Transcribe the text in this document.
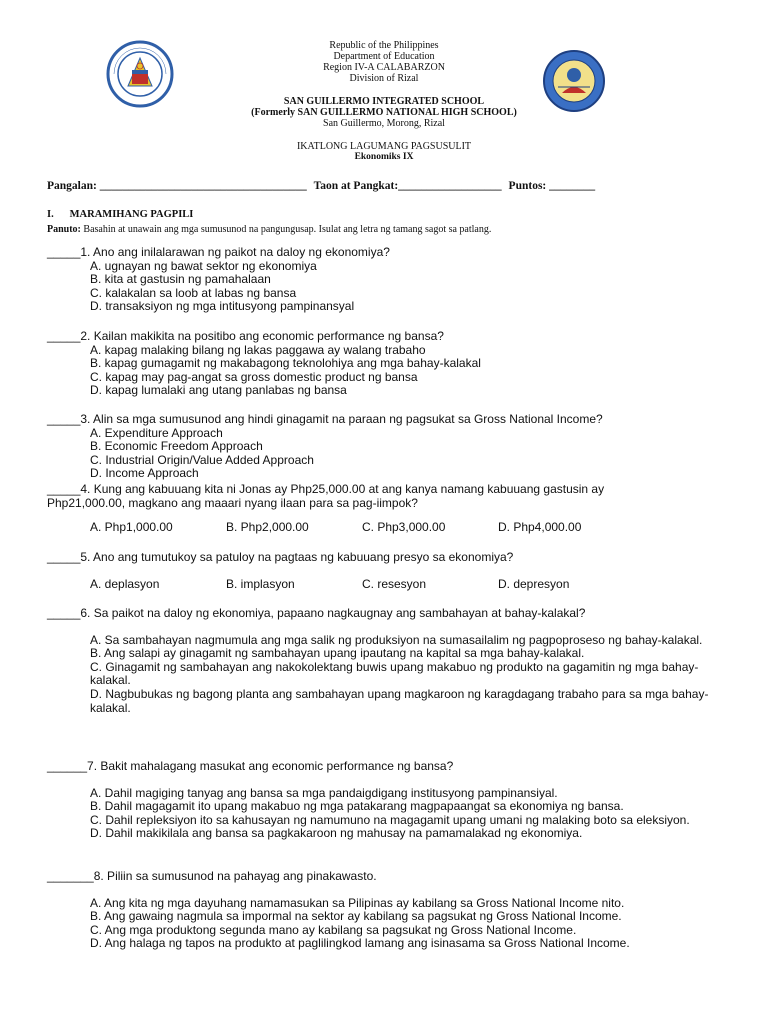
Republic of the Philippines
Department of Education
Region IV-A CALABARZON
Division of Rizal
SAN GUILLERMO INTEGRATED SCHOOL
(Formerly SAN GUILLERMO NATIONAL HIGH SCHOOL)
San Guillermo, Morong, Rizal
IKATLONG LAGUMANG PAGSUSULIT
Ekonomiks IX
Pangalan: ____________________________________ Taon at Pangkat:__________________ Puntos: ________
I. MARAMIHANG PAGPILI
Panuto: Basahin at unawain ang mga sumusunod na pangungusap. Isulat ang letra ng tamang sagot sa patlang.
_____1. Ano ang inilalarawan ng paikot na daloy ng ekonomiya?
A. ugnayan ng bawat sektor ng ekonomiya
B. kita at gastusin ng pamahalaan
C. kalakalan sa loob at labas ng bansa
D. transaksiyon ng mga intitusyong pampinansyal
_____2. Kailan makikita na positibo ang economic performance ng bansa?
A. kapag malaking bilang ng lakas paggawa ay walang trabaho
B. kapag gumagamit ng makabagong teknolohiya ang mga bahay-kalakal
C. kapag may pag-angat sa gross domestic product ng bansa
D. kapag lumalaki ang utang panlabas ng bansa
_____3. Alin sa mga sumusunod ang hindi ginagamit na paraan ng pagsukat sa Gross National Income?
A. Expenditure Approach
B. Economic Freedom Approach
C. Industrial Origin/Value Added Approach
D. Income Approach
_____4. Kung ang kabuuang kita ni Jonas ay Php25,000.00 at ang kanya namang kabuuang gastusin ay
Php21,000.00, magkano ang maaari nyang ilaan para sa pag-iimpok?
A. Php1,000.00	B. Php2,000.00	C. Php3,000.00	D. Php4,000.00
_____5. Ano ang tumutukoy sa patuloy na pagtaas ng kabuuang presyo sa ekonomiya?
A. deplasyon	B. implasyon	C. resesyon	D. depresyon
_____6. Sa paikot na daloy ng ekonomiya, papaano nagkaugnay ang sambahayan at bahay-kalakal?
A. Sa sambahayan nagmumula ang mga salik ng produksiyon na sumasailalim ng pagpoproseso ng bahay-kalakal.
B. Ang salapi ay ginagamit ng sambahayan upang ipautang na kapital sa mga bahay-kalakal.
C. Ginagamit ng sambahayan ang nakokolektang buwis upang makabuo ng produkto na gagamitin ng mga bahay-kalakal.
D. Nagbubukas ng bagong planta ang sambahayan upang magkaroon ng karagdagang trabaho para sa mga bahay-kalakal.
______7. Bakit mahalagang masukat ang economic performance ng bansa?
A. Dahil magiging tanyag ang bansa sa mga pandaigdigang institusyong pampinansiyal.
B. Dahil magagamit ito upang makabuo ng mga patakarang magpapaangat sa ekonomiya ng bansa.
C. Dahil repleksiyon ito sa kahusayan ng namumuno na magagamit upang umani ng malaking boto sa eleksiyon.
D. Dahil makikilala ang bansa sa pagkakaroon ng mahusay na pamamalakad ng ekonomiya.
_______8. Piliin sa sumusunod na pahayag ang pinakawasto.
A. Ang kita ng mga dayuhang namamasukan sa Pilipinas ay kabilang sa Gross National Income nito.
B. Ang gawaing nagmula sa impormal na sektor ay kabilang sa pagsukat ng Gross National Income.
C. Ang mga produktong segunda mano ay kabilang sa pagsukat ng Gross National Income.
D. Ang halaga ng tapos na produkto at paglilingkod lamang ang isinasama sa Gross National Income.
